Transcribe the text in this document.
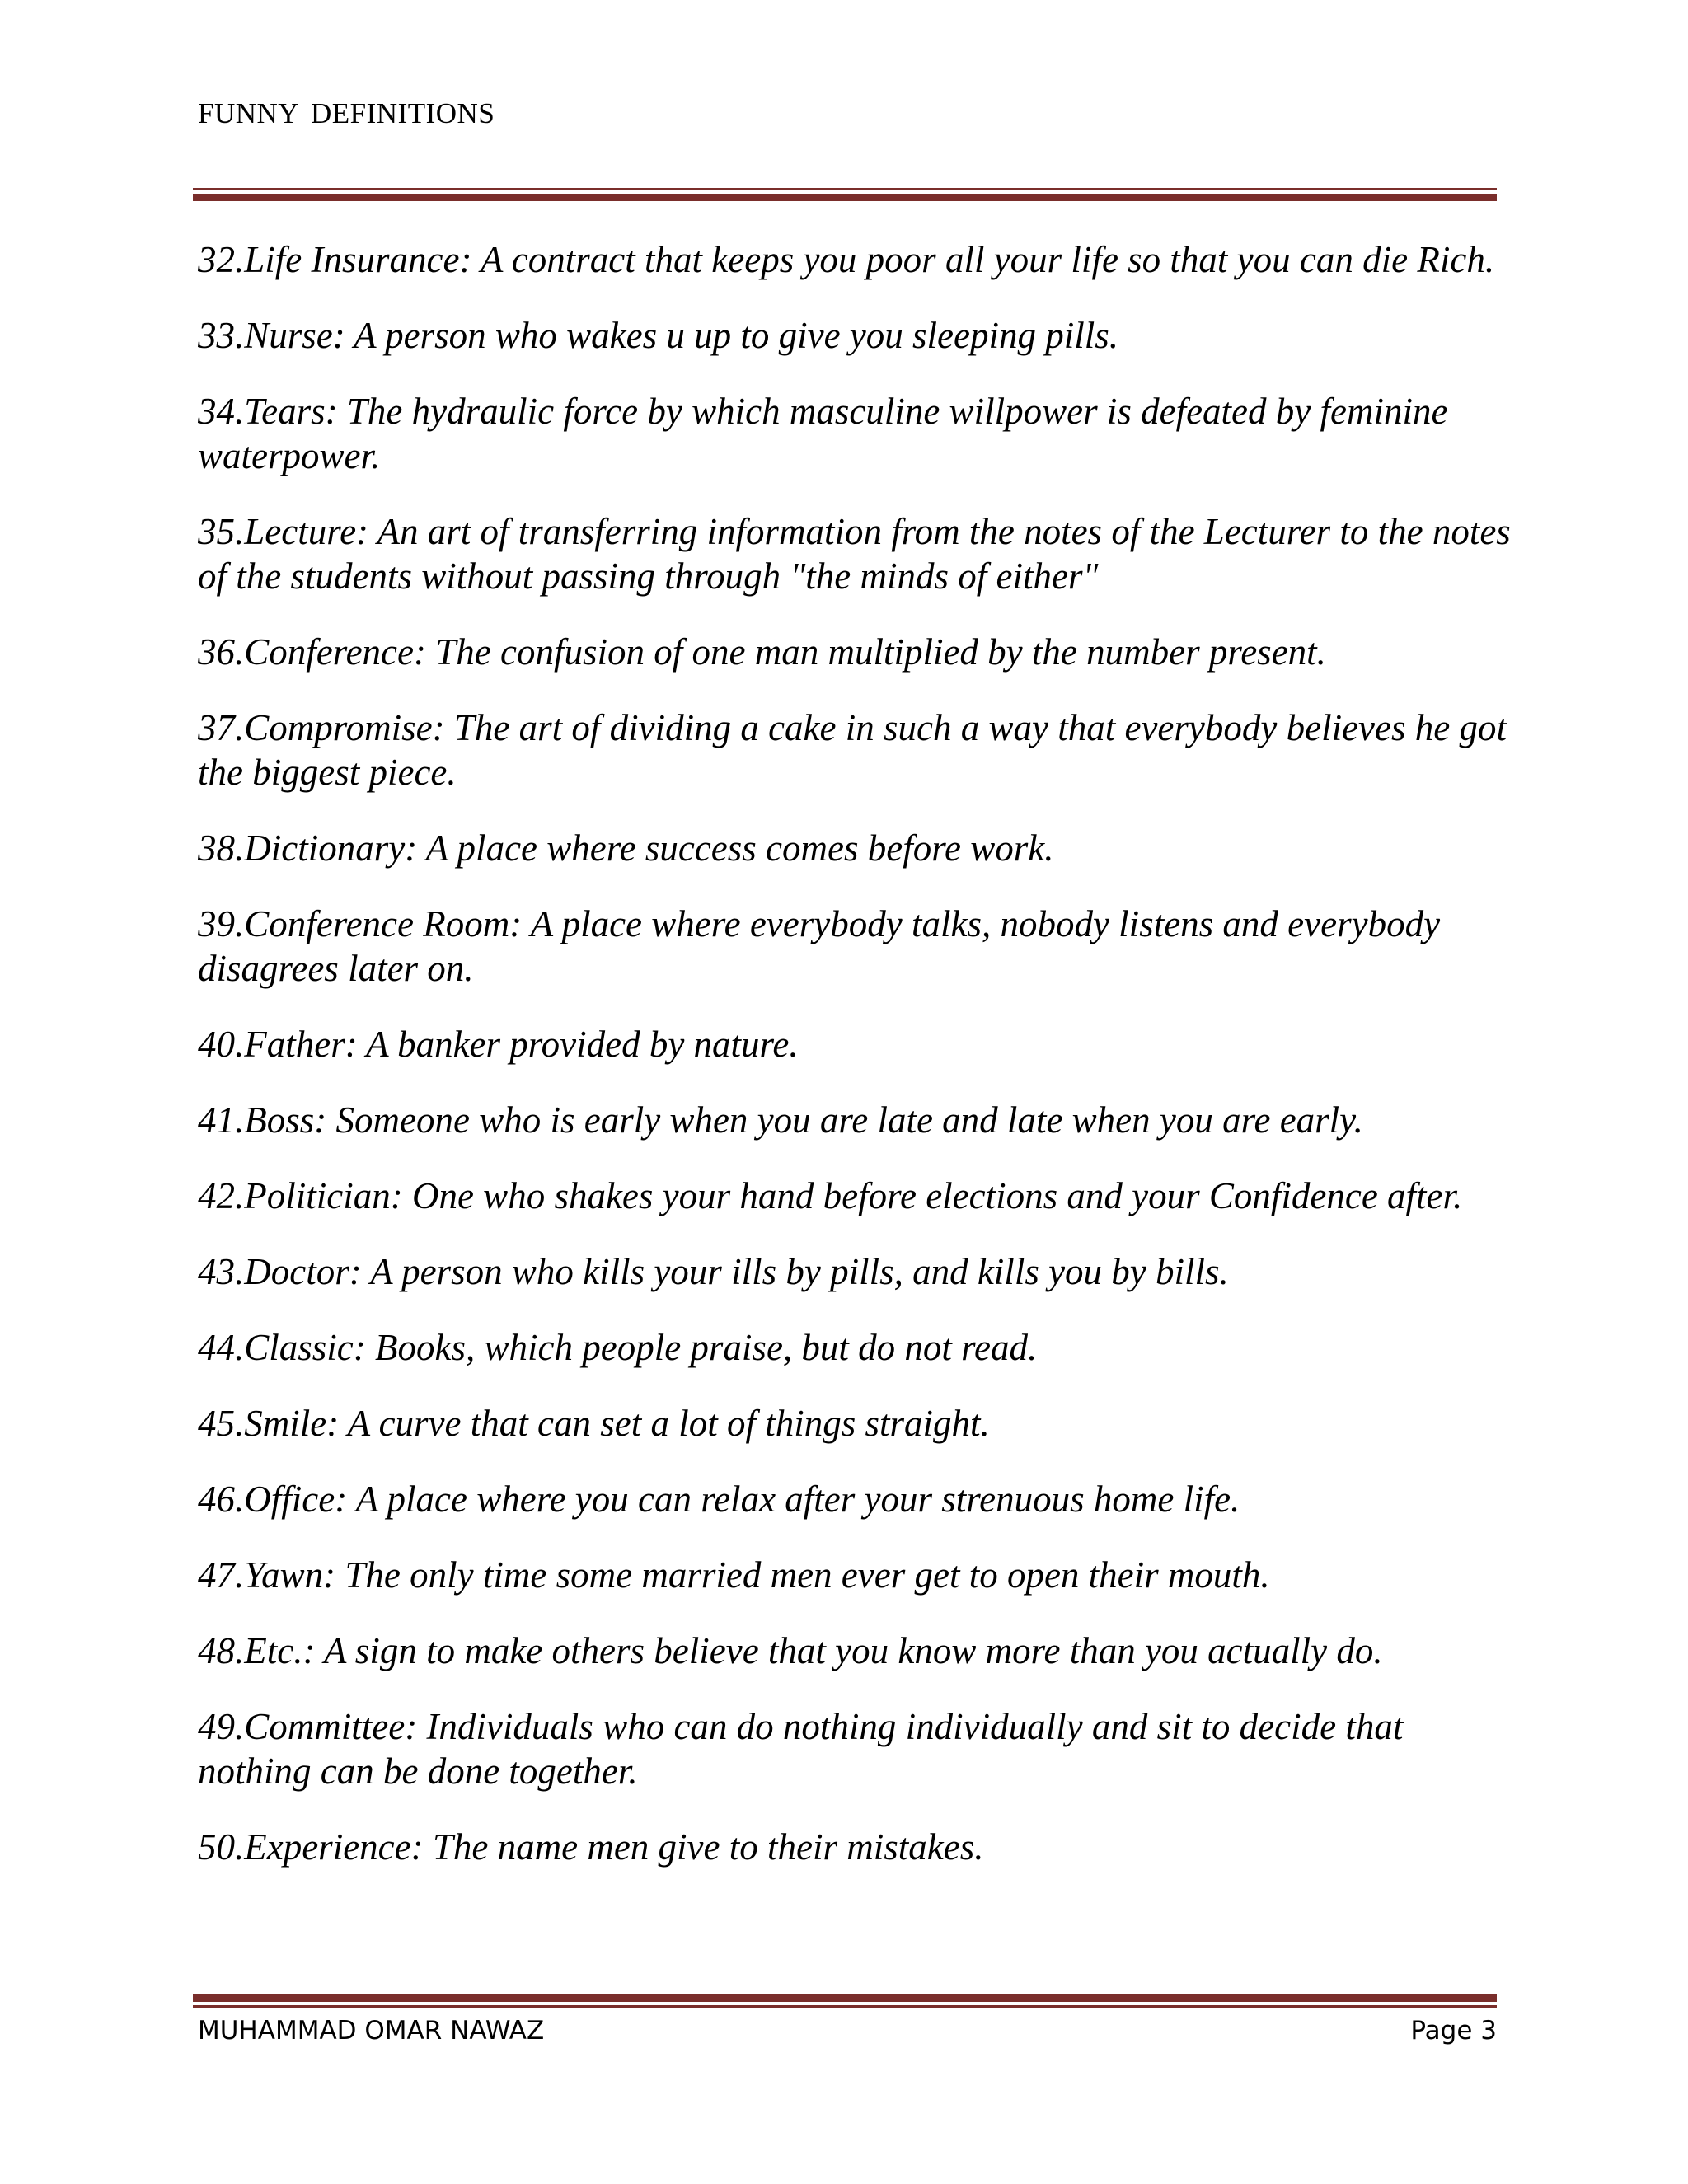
FUNNY DEFINITIONS

32.Life Insurance: A contract that keeps you poor all your life so that you can die Rich.

33.Nurse: A person who wakes u up to give you sleeping pills.

34.Tears: The hydraulic force by which masculine willpower is defeated by feminine waterpower.

35.Lecture: An art of transferring information from the notes of the Lecturer to the notes of the students without passing through "the minds of either"

36.Conference: The confusion of one man multiplied by the number present.

37.Compromise: The art of dividing a cake in such a way that everybody believes he got the biggest piece.

38.Dictionary: A place where success comes before work.

39.Conference Room: A place where everybody talks, nobody listens and everybody disagrees later on.

40.Father: A banker provided by nature.

41.Boss: Someone who is early when you are late and late when you are early.

42.Politician: One who shakes your hand before elections and your Confidence after.

43.Doctor: A person who kills your ills by pills, and kills you by bills.

44.Classic: Books, which people praise, but do not read.

45.Smile: A curve that can set a lot of things straight.

46.Office: A place where you can relax after your strenuous home life.

47.Yawn: The only time some married men ever get to open their mouth.

48.Etc.: A sign to make others believe that you know more than you actually do.

49.Committee: Individuals who can do nothing individually and sit to decide that nothing can be done together.

50.Experience: The name men give to their mistakes.

MUHAMMAD OMAR NAWAZ	Page 3
